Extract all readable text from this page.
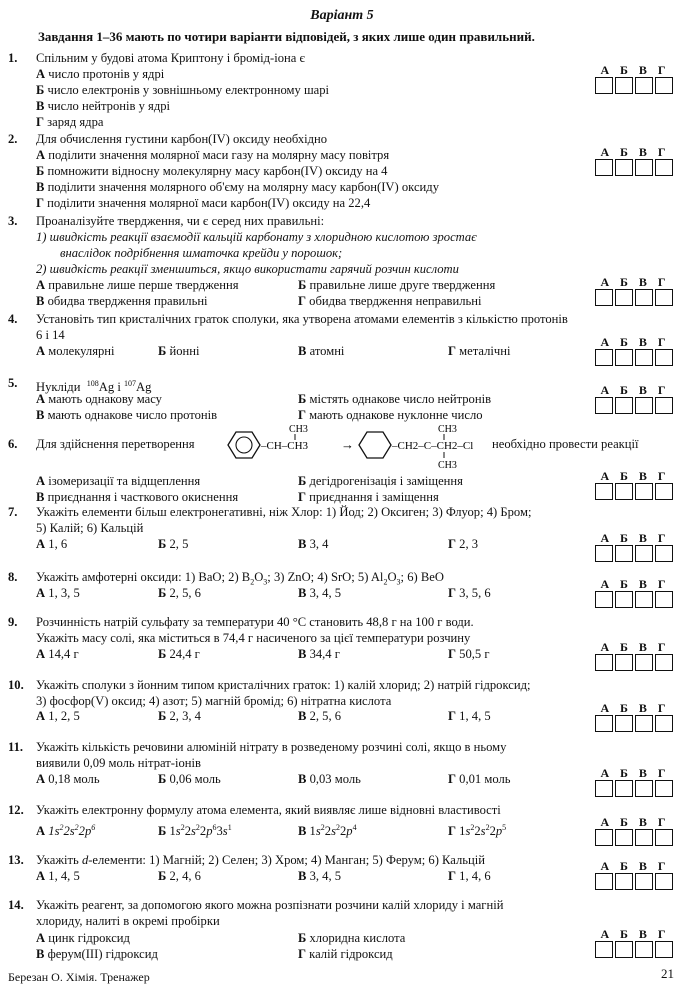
Варіант 5
Завдання 1–36 мають по чотири варіанти відповідей, з яких лише один правильний.
1.	Спільним у будові атома Криптону і бромід-іона є
А число протонів у ядрі
Б число електронів у зовнішньому електронному шарі
В число нейтронів у ядрі
Г заряд ядра
А Б В Г
2.	Для обчислення густини карбон(IV) оксиду необхідно
А поділити значення молярної маси газу на молярну масу повітря
Б помножити відносну молекулярну масу карбон(IV) оксиду на 4
В поділити значення молярного об'єму на молярну масу карбон(IV) оксиду
Г поділити значення молярної маси карбон(IV) оксиду на 22,4
А Б В Г
3.	Проаналізуйте твердження, чи є серед них правильні:
1) швидкість реакції взаємодії кальцій карбонату з хлоридною кислотою зростає
внаслідок подрібнення шматочка крейди у порошок;
2) швидкість реакції зменшиться, якщо використати гарячий розчин кислоти
А правильне лише перше твердження	Б правильне лише друге твердження
В обидва твердження правильні	Г обидва твердження неправильні
А Б В Г
4.	Установіть тип кристалічних граток сполуки, яка утворена атомами елементів з кількістю протонів 6 і 14
А молекулярні	Б йонні	В атомні	Г металічні
А Б В Г
5.	Нукліди $^{108}$Ag і $^{107}$Ag
А мають однакову масу	Б містять однакове число нейтронів
В мають однакове число протонів	Г мають однакове нуклонне число
А Б В Г
6.	Для здійснення перетворення
CH3
–CH–CH3	→
CH3
–CH2–C–CH2–Cl
CH3
необхідно провести реакції
А ізомеризації та відщеплення	Б дегідрогенізація і заміщення
В приєднання і часткового окиснення	Г приєднання і заміщення
А Б В Г
7.	Укажіть елементи більш електронегативні, ніж Хлор: 1) Йод; 2) Оксиген; 3) Флуор; 4) Бром;
5) Калій; 6) Кальцій
А 1, 6	Б 2, 5	В 3, 4	Г 2, 3	А Б В Г
8.	Укажіть амфотерні оксиди: 1) BaO; 2) $B_2O_3$; 3) ZnO; 4) SrO; 5) $Al_2O_3$; 6) BeO
А 1, 3, 5	Б 2, 5, 6	В 3, 4, 5	Г 3, 5, 6
А Б В Г
9.	Розчинність натрій сульфату за температури 40 °С становить 48,8 г на 100 г води.
Укажіть масу солі, яка міститься в 74,4 г насиченого за цієї температури розчину
А 14,4 г	Б 24,4 г	В 34,4 г	Г 50,5 г	А Б В Г
10. Укажіть сполуки з йонним типом кристалічних граток: 1) калій хлорид; 2) натрій гідроксид;
3) фосфор(V) оксид; 4) азот; 5) магній бромід; 6) нітратна кислота
А 1, 2, 5	Б 2, 3, 4	В 2, 5, 6	Г 1, 4, 5
А Б В Г
11.	Укажіть кількість речовини алюміній нітрату в розведеному розчині солі, якщо в ньому
виявили 0,09 моль нітрат-іонів
А 0,18 моль	Б 0,06 моль	В 0,03 моль	Г 0,01 моль	А Б В Г
12. Укажіть електронну формулу атома елемента, який виявляє лише відновні властивості
А $1s^22s^22p^6$	Б $1s^22s^22p^63s^1$	В $1s^22s^22p^4$	Г $1s^22s^22p^5$	А Б В Г
13. Укажіть d-елементи: 1) Магній; 2) Селен; 3) Хром; 4) Манган; 5) Ферум; 6) Кальцій
А 1, 4, 5	Б 2, 4, 6	В 3, 4, 5	Г 1, 4, 6
А Б В Г
14. Укажіть реагент, за допомогою якого можна розпізнати розчини калій хлориду і магній
хлориду, налиті в окремі пробірки
А цинк гідроксид	Б хлоридна кислота
В ферум(III) гідроксид	Г калій гідроксид
А Б В Г
Березан О. Хімія. Тренажер	21
